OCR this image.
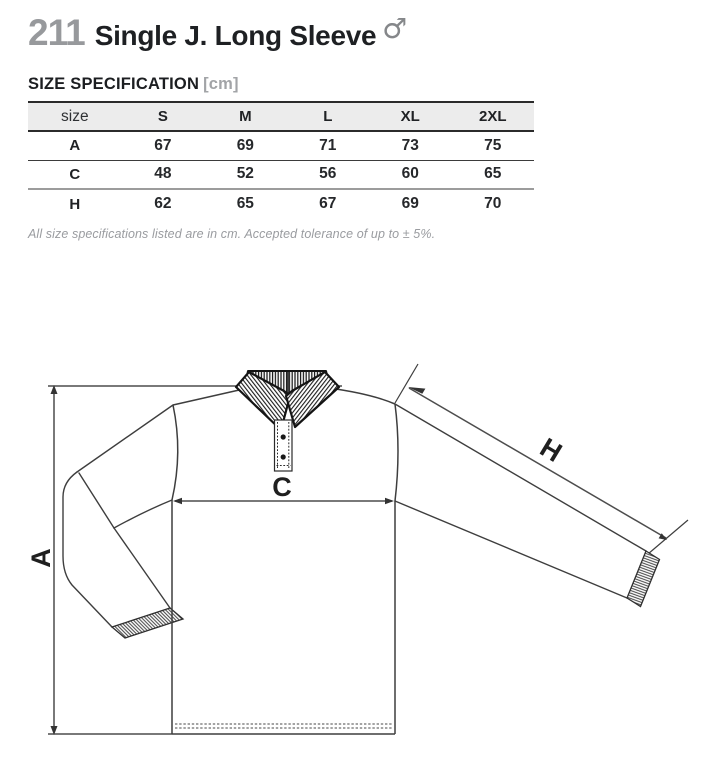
211 Single J. Long Sleeve ♂
SIZE SPECIFICATION [cm]
size	S	M	L	XL	2XL
A	67	69	71	73	75
C	48	52	56	60	65
H	62	65	67	69	70
All size specifications listed are in cm. Accepted tolerance of up to ± 5%.
A
C
H
